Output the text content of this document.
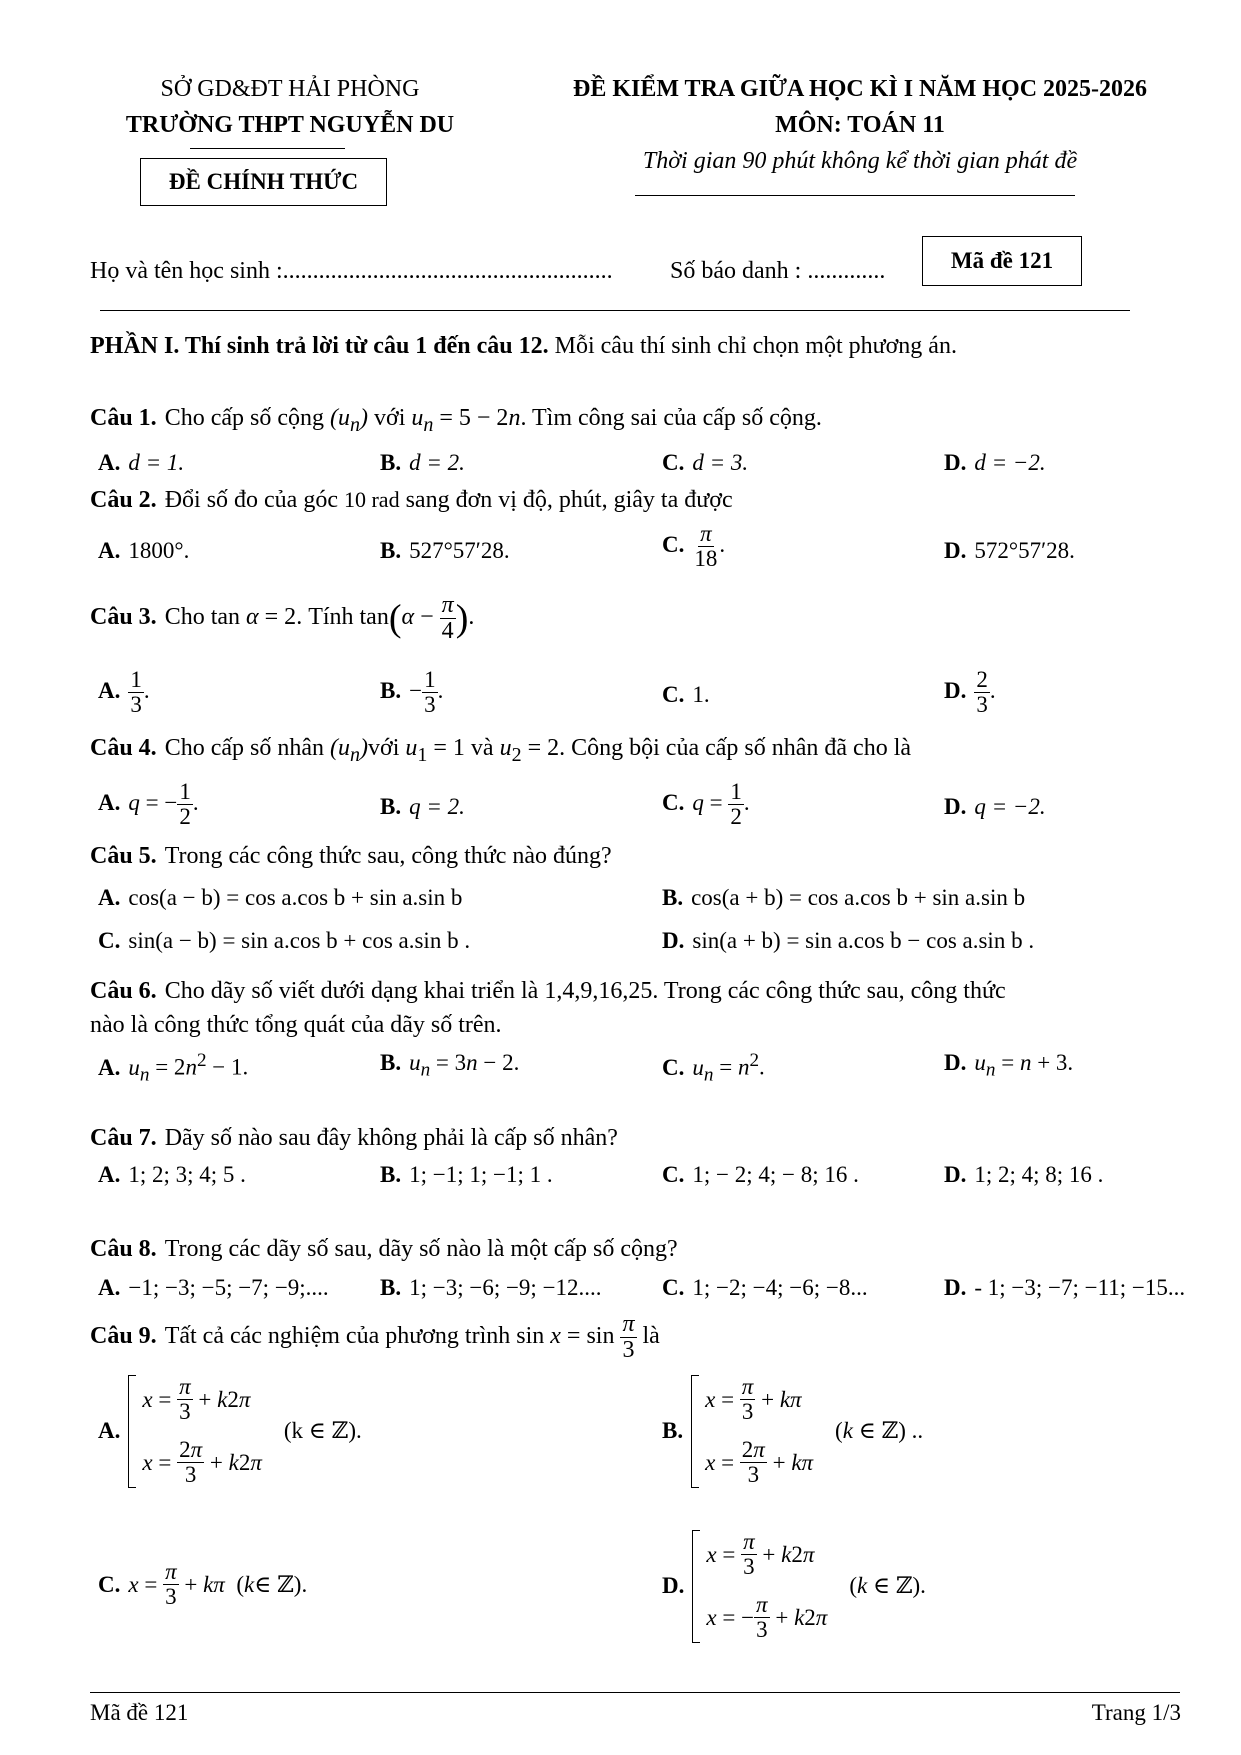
SỞ GD&ĐT HẢI PHÒNG
TRƯỜNG THPT NGUYỄN DU
ĐỀ CHÍNH THỨC
ĐỀ KIỂM TRA GIỮA HỌC KÌ I NĂM HỌC 2025-2026
MÔN: TOÁN 11
Thời gian 90 phút không kể thời gian phát đề
Họ và tên học sinh :....................................................... Số báo danh : .............	Mã đề 121
PHẦN I. Thí sinh trả lời từ câu 1 đến câu 12. Mỗi câu thí sinh chỉ chọn một phương án.
Câu 1. Cho cấp số cộng $(u_n)$ với $u_n = 5 - 2n$. Tìm công sai của cấp số cộng.
A. d = 1.	B. d = 2.	C. d = 3.	D. d = −2.
Câu 2. Đổi số đo của góc 10 rad sang đơn vị độ, phút, giây ta được
A. 1800°.	B. 527°57′28.	C. $\frac{\pi}{18}$ .	D. 572°57′28.
Câu 3. Cho tan α = 2. Tính $\tan(\alpha - \frac{\pi}{4}$ ).
A. $\frac{1}{3}$ .	B. − $\frac{1}{3}$ .	C. 1.	D. $\frac{2}{3}$ .
Câu 4. Cho cấp số nhân $(u_n)với$ $u_1 = 1$ và $u_2 = 2$. Công bội của cấp số nhân đã cho là
A. q = − $\frac{1}{2}$ .	B. q = 2.	C. $q = \frac{1}{2}$ .	D. q = −2.
Câu 5. Trong các công thức sau, công thức nào đúng?
A. cos(a − b) = cos a.cos b + sin a.sin b	B. cos(a + b) = cos a.cos b + sin a.sin b
C. sin(a − b) = sin a.cos b + cos a.sin b .	D. sin(a + b) = sin a.cos b − cos a.sin b .
Câu 6. Cho dãy số viết dưới dạng khai triển là 1,4,9,16,25. Trong các công thức sau, công thức
nào là công thức tổng quát của dãy số trên.
A. $u_n = 2n^2 - 1$.	B. $u_n = 3n - 2$.	C. $u_n = n^2$.	D. $u_n = n + 3$.
Câu 7. Dãy số nào sau đây không phải là cấp số nhân?
A. 1; 2; 3; 4; 5 .	B. 1; −1; 1; −1; 1 .	C. 1; − 2; 4; − 8; 16 .	D. 1; 2; 4; 8; 16 .
Câu 8. Trong các dãy số sau, dãy số nào là một cấp số cộng?
A. −1; −3; −5; −7; −9;.... B. 1; −3; −6; −9; −12....	C. 1; −2; −4; −6; −8...	D. - 1; −3; −7; −11; −15...
Câu 9. Tất cả các nghiệm của phương trình $\sin x = \sin \frac{\pi}{3}$ là
A.
$x = \frac{\pi}{3} + k$ 2 π
$x = \frac{2\pi}{3} + k$ 2 π
(k ∈ ℤ).	B.
$x = \frac{\pi}{3} + k\pi$
$x = \frac{2\pi}{3} + k\pi$
(k ∈ ℤ) ..
C. $x = \frac{\pi}{3} + k\pi$ ( k ∈ ℤ).	D.
$x = \frac{\pi}{3} + k$ 2 π
x = − $\frac{\pi}{3} + k$ 2 π
(k ∈ ℤ).
Mã đề 121	Trang 1/3
